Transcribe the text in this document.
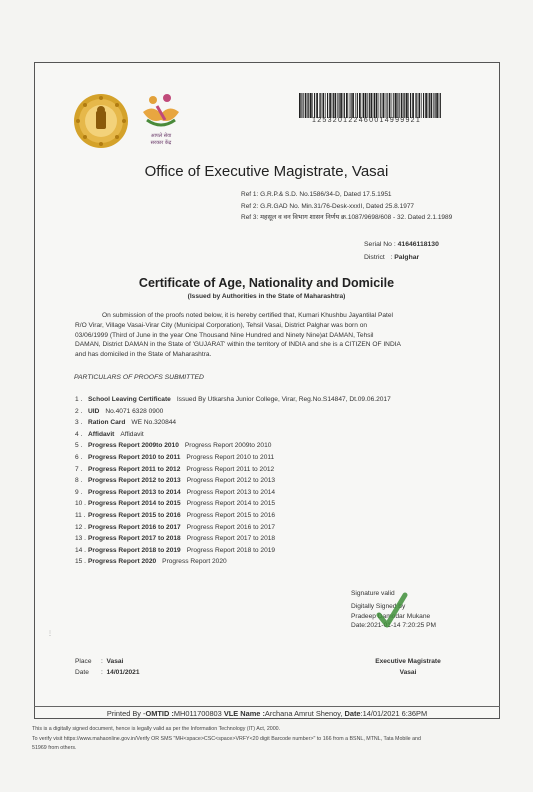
आपले सेवा
सरकार केंद्र
125320122460014999921
Office of Executive Magistrate, Vasai
Ref 1: G.R.P.& S.D. No.1586/34-D, Dated 17.5.1951
Ref 2: G.R.GAD No. Min.31/76-Desk-xxxII, Dated 25.8.1977
Ref 3: महसूल व वन विभाग शासन निर्णय क्र.1087/9698/608 - 32. Dated 2.1.1989
Serial No : 41646118130
District   : Palghar
Certificate of Age, Nationality and Domicile
(Issued by Authorities in the State of Maharashtra)

On submission of the proofs noted below, it is hereby certified that, Kumari Khushbu Jayantilal Patel

R/O Virar, Village Vasai-Virar City (Municipal Corporation), Tehsil Vasai, District Palghar was born on

03/06/1999 (Third of June in the year One Thousand Nine Hundred and Ninety Nine)at DAMAN, Tehsil

DAMAN, District DAMAN in the State of 'GUJARAT' within the territory of INDIA and she is a CITIZEN OF INDIA

and has domiciled in the State of Maharashtra.

PARTICULARS OF PROOFS SUBMITTED
1 . School Leaving Certificate Issued By Utkarsha Junior College, Virar, Reg.No.S14847, Dt.09.06.2017
2 . UID No.4071 6328 0900
3 . Ration Card WE No.320844
4 . Affidavit Affidavit
5 . Progress Report 2009to 2010 Progress Report 2009to 2010
6 . Progress Report 2010 to 2011 Progress Report 2010 to 2011
7 . Progress Report 2011 to 2012 Progress Report 2011 to 2012
8 . Progress Report 2012 to 2013 Progress Report 2012 to 2013
9 . Progress Report 2013 to 2014 Progress Report 2013 to 2014
10 . Progress Report 2014 to 2015 Progress Report 2014 to 2015
11 . Progress Report 2015 to 2016 Progress Report 2015 to 2016
12 . Progress Report 2016 to 2017 Progress Report 2016 to 2017
13 . Progress Report 2017 to 2018 Progress Report 2017 to 2018
14 . Progress Report 2018 to 2019 Progress Report 2018 to 2019
15 . Progress Report 2020 Progress Report 2020
Signature valid
Digitally Signed by
Pradeep Damodar Mukane
Date:2021-01-14 7:20:25 PM
⋮
Place :  Vasai
Date :  14/01/2021
Executive Magistrate
Vasai
Printed By -OMTID :MH011700803 VLE Name :Archana Amrut Shenoy, Date:14/01/2021 6:36PM
This is a digitally signed document, hence is legally valid as per the Information Technology (IT) Act, 2000.
To verify visit https://www.mahaonline.gov.in/Verify OR SMS "MH<space>CSC<space>VRFY<20 digit Barcode number>" to 166 from a BSNL, MTNL, Tata Mobile and
51969 from others.
